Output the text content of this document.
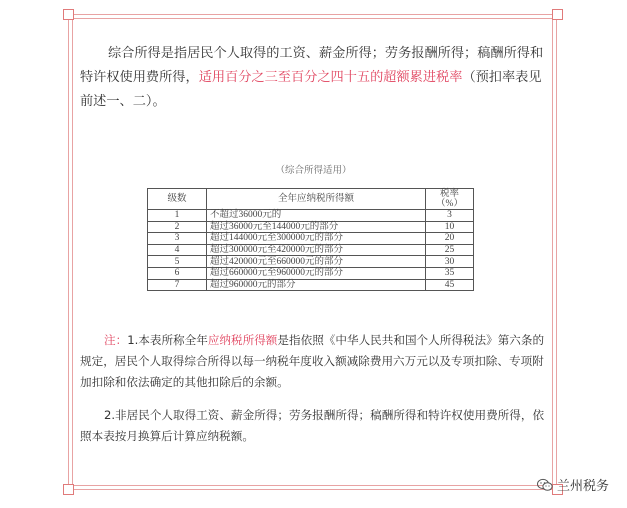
综合所得是指居民个人取得的工资、薪金所得；劳务报酬所得；稿酬所得和特许权使用费所得，适用百分之三至百分之四十五的超额累进税率（预扣率表见前述一、二）。

（综合所得适用）
级数	全年应纳税所得额	税率（%）
1	不超过36000元的	3
2	超过36000元至144000元的部分	10
3	超过144000元至300000元的部分	20
4	超过300000元至420000元的部分	25
5	超过420000元至660000元的部分	30
6	超过660000元至960000元的部分	35
7	超过960000元的部分	45

注：1.本表所称全年应纳税所得额是指依照《中华人民共和国个人所得税法》第六条的规定，居民个人取得综合所得以每一纳税年度收入额减除费用六万元以及专项扣除、专项附加扣除和依法确定的其他扣除后的余额。

2.非居民个人取得工资、薪金所得；劳务报酬所得；稿酬所得和特许权使用费所得，依照本表按月换算后计算应纳税额。

兰州税务
